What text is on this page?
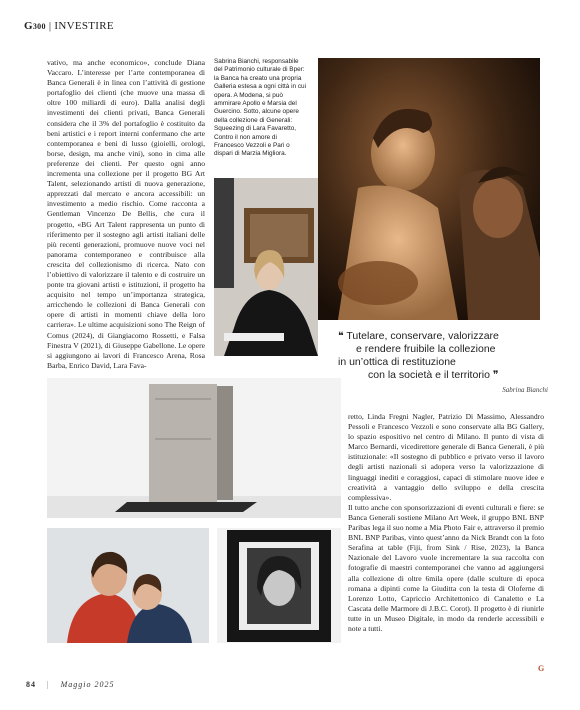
G300 | INVESTIRE

vativo, ma anche economico», conclude Diana Vaccaro. L’interesse per l’arte contemporanea di Banca Generali è in linea con l’attività di gestione portafoglio dei clienti (che muove una massa di oltre 100 miliardi di euro). Dalla analisi degli investimenti dei clienti privati, Banca Generali considera che il 3% del portafoglio è costituito da beni artistici e i report interni confermano che arte contemporanea e beni di lusso (gioielli, orologi, borse, design, ma anche vini), sono in cima alle preferenze dei clienti. Per questo ogni anno incrementa una collezione per il progetto BG Art Talent, selezionando artisti di nuova generazione, apprezzati dal mercato e ancora accessibili: un investimento a medio rischio. Come racconta a Gentleman Vincenzo De Bellis, che cura il progetto, «BG Art Talent rappresenta un punto di riferimento per il sostegno agli artisti italiani delle più recenti generazioni, promuove nuove voci nel panorama contemporaneo e contribuisce alla crescita del collezionismo di ricerca. Nato con l’obiettivo di valorizzare il talento e di costruire un ponte tra giovani artisti e istituzioni, il progetto ha acquisito nel tempo un’importanza strategica, arricchendo le collezioni di Banca Generali con opere di artisti in momenti chiave della loro carriera». Le ultime acquisizioni sono The Reign of Comus (2024), di Giangiacomo Rossetti, e Falsa Finestra V (2021), di Giuseppe Gabellone. Le opere si aggiungono ai lavori di Francesco Arena, Rosa Barba, Enrico David, Lara Fava-

Sabrina Bianchi, responsabile del Patrimonio culturale di Bper: la Banca ha creato una propria Galleria estesa a ogni città in cui opera. A Modena, si può ammirare Apollo e Marsia del Guercino. Sotto, alcune opere della collezione di Generali: Squeezing di Lara Favaretto, Contro il non amore di Francesco Vezzoli e Pari o dispari di Marzia Migliora.
❝ Tutelare, conservare, valorizzare
e rendere fruibile la collezione
in un’ottica di restituzione
con la società e il territorio ❞
Sabrina Bianchi

retto, Linda Fregni Nagler, Patrizio Di Massimo, Alessandro Pessoli e Francesco Vezzoli e sono conservate alla BG Gallery, lo spazio espositivo nel centro di Milano. Il punto di vista di Marco Bernardi, vicedirettore generale di Banca Generali, è più istituzionale: «Il sostegno di pubblico e privato verso il lavoro degli artisti nazionali si adopera verso la valorizzazione di linguaggi inediti e coraggiosi, capaci di stimolare nuove idee e creatività a vantaggio dello sviluppo e della crescita complessiva».

Il tutto anche con sponsorizzazioni di eventi culturali e fiere: se Banca Generali sostiene Milano Art Week, il gruppo BNL BNP Paribas lega il suo nome a Mia Photo Fair e, attraverso il premio BNL BNP Paribas, vinto quest’anno da Nick Brandt con la foto Serafina at table (Fiji, from Sink / Rise, 2023), la Banca Nazionale del Lavoro vuole incrementare la sua raccolta con fotografie di maestri contemporanei che vanno ad aggiungersi alla collezione di oltre 6mila opere (dalle sculture di epoca romana a dipinti come la Giuditta con la testa di Oloferne di Lorenzo Lotto, Capriccio Architettonico di Canaletto e La Cascata delle Marmore di J.B.C. Corot). Il progetto è di riunirle tutte in un Museo Digitale, in modo da renderle accessibili e note a tutti.

G
84 | Maggio 2025
